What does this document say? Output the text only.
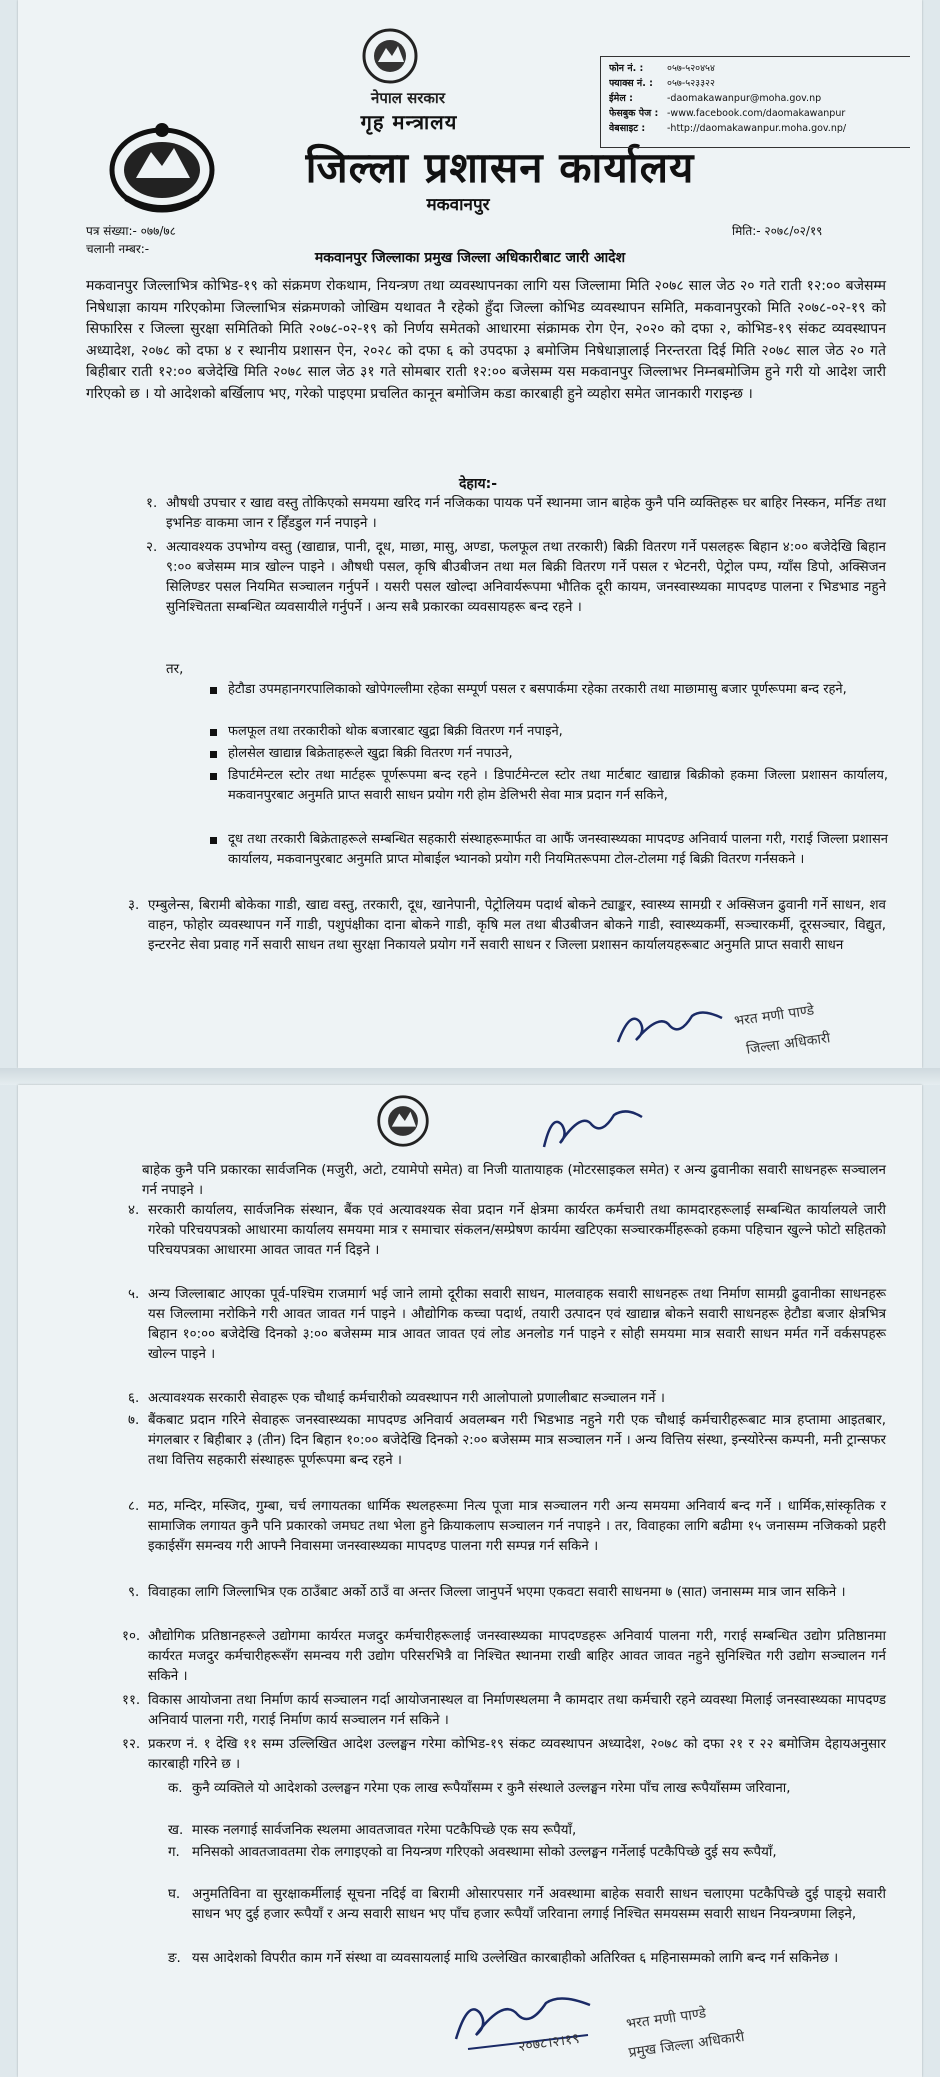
नेपाल सरकार
गृह मन्त्रालय
जिल्ला प्रशासन कार्यालय
मकवानपुर
फोन नं. : ०५७-५२०४५४
फ्याक्स नं. : ०५७-५२३३२२
ईमेल :	-daomakawanpur@moha.gov.np
फेसबुक पेज : -www.facebook.com/daomakawanpur
वेबसाइट : -http://daomakawanpur.moha.gov.np/
पत्र संख्या:- ०७७/७८
चलानी नम्बर:-
मिति:- २०७८/०२/१९
मकवानपुर जिल्लाका प्रमुख जिल्ला अधिकारीबाट जारी आदेश
मकवानपुर जिल्लाभित्र कोभिड-१९ को संक्रमण रोकथाम, नियन्त्रण तथा व्यवस्थापनका लागि यस जिल्लामा मिति २०७८ साल जेठ २० गते राती १२:०० बजेसम्म निषेधाज्ञा कायम गरिएकोमा जिल्लाभित्र संक्रमणको जोखिम यथावत नै रहेको हुँदा जिल्ला कोभिड व्यवस्थापन समिति, मकवानपुरको मिति २०७८-०२-१९ को सिफारिस र जिल्ला सुरक्षा समितिको मिति २०७८-०२-१९ को निर्णय समेतको आधारमा संक्रामक रोग ऐन, २०२० को दफा २, कोभिड-१९ संकट व्यवस्थापन अध्यादेश, २०७८ को दफा ४ र स्थानीय प्रशासन ऐन, २०२८ को दफा ६ को उपदफा ३ बमोजिम निषेधाज्ञालाई निरन्तरता दिई मिति २०७८ साल जेठ २० गते बिहीबार राती १२:०० बजेदेखि मिति २०७८ साल जेठ ३१ गते सोमबार राती १२:०० बजेसम्म यस मकवानपुर जिल्लाभर निम्नबमोजिम हुने गरी यो आदेश जारी गरिएको छ । यो आदेशको बर्खिलाप भए, गरेको पाइएमा प्रचलित कानून बमोजिम कडा कारबाही हुने व्यहोरा समेत जानकारी गराइन्छ ।
देहाय:-
१. औषधी उपचार र खाद्य वस्तु तोकिएको समयमा खरिद गर्न नजिकका पायक पर्ने स्थानमा जान बाहेक कुनै पनि व्यक्तिहरू घर बाहिर निस्कन, मर्निङ तथा इभनिङ वाकमा जान र हिँडडुल गर्न नपाइने ।
२. अत्यावश्यक उपभोग्य वस्तु (खाद्यान्न, पानी, दूध, माछा, मासु, अण्डा, फलफूल तथा तरकारी) बिक्री वितरण गर्ने पसलहरू बिहान ४:०० बजेदेखि बिहान ९:०० बजेसम्म मात्र खोल्न पाइने । औषधी पसल, कृषि बीउबीजन तथा मल बिक्री वितरण गर्ने पसल र भेटनरी, पेट्रोल पम्प, ग्याँस डिपो, अक्सिजन सिलिण्डर पसल नियमित सञ्चालन गर्नुपर्ने । यसरी पसल खोल्दा अनिवार्यरूपमा भौतिक दूरी कायम, जनस्वास्थ्यका मापदण्ड पालना र भिडभाड नहुने सुनिश्चितता सम्बन्धित व्यवसायीले गर्नुपर्ने । अन्य सबै प्रकारका व्यवसायहरू बन्द रहने ।
तर,
हेटौडा उपमहानगरपालिकाको खोपेगल्लीमा रहेका सम्पूर्ण पसल र बसपार्कमा रहेका तरकारी तथा माछामासु बजार पूर्णरूपमा बन्द रहने,
फलफूल तथा तरकारीको थोक बजारबाट खुद्रा बिक्री वितरण गर्न नपाइने,
होलसेल खाद्यान्न बिक्रेताहरूले खुद्रा बिक्री वितरण गर्न नपाउने,
डिपार्टमेन्टल स्टोर तथा मार्टहरू पूर्णरूपमा बन्द रहने । डिपार्टमेन्टल स्टोर तथा मार्टबाट खाद्यान्न बिक्रीको हकमा जिल्ला प्रशासन कार्यालय, मकवानपुरबाट अनुमति प्राप्त सवारी साधन प्रयोग गरी होम डेलिभरी सेवा मात्र प्रदान गर्न सकिने,
दूध तथा तरकारी बिक्रेताहरूले सम्बन्धित सहकारी संस्थाहरूमार्फत वा आफैं जनस्वास्थ्यका मापदण्ड अनिवार्य पालना गरी, गराई जिल्ला प्रशासन कार्यालय, मकवानपुरबाट अनुमति प्राप्त मोबाईल भ्यानको प्रयोग गरी नियमितरूपमा टोल-टोलमा गई बिक्री वितरण गर्नसकने ।
३. एम्बुलेन्स, बिरामी बोकेका गाडी, खाद्य वस्तु, तरकारी, दूध, खानेपानी, पेट्रोलियम पदार्थ बोकने ट्याङ्कर, स्वास्थ्य सामग्री र अक्सिजन ढुवानी गर्ने साधन, शव वाहन, फोहोर व्यवस्थापन गर्ने गाडी, पशुपंक्षीका दाना बोकने गाडी, कृषि मल तथा बीउबीजन बोकने गाडी, स्वास्थ्यकर्मी, सञ्चारकर्मी, दूरसञ्चार, विद्युत, इन्टरनेट सेवा प्रवाह गर्ने सवारी साधन तथा सुरक्षा निकायले प्रयोग गर्ने सवारी साधन र जिल्ला प्रशासन कार्यालयहरूबाट अनुमति प्राप्त सवारी साधन
भरत मणी पाण्डे
जिल्ला अधिकारी
बाहेक कुनै पनि प्रकारका सार्वजनिक (मजुरी, अटो, टयामेपो समेत) वा निजी यातायाहक (मोटरसाइकल समेत) र अन्य ढुवानीका सवारी साधनहरू सञ्चालन गर्न नपाइने ।
४. सरकारी कार्यालय, सार्वजनिक संस्थान, बैंक एवं अत्यावश्यक सेवा प्रदान गर्ने क्षेत्रमा कार्यरत कर्मचारी तथा कामदारहरूलाई सम्बन्धित कार्यालयले जारी गरेको परिचयपत्रको आधारमा कार्यालय समयमा मात्र र समाचार संकलन/सम्प्रेषण कार्यमा खटिएका सञ्चारकर्मीहरूको हकमा पहिचान खुल्ने फोटो सहितको परिचयपत्रका आधारमा आवत जावत गर्न दिइने ।
५. अन्य जिल्लाबाट आएका पूर्व-पश्चिम राजमार्ग भई जाने लामो दूरीका सवारी साधन, मालवाहक सवारी साधनहरू तथा निर्माण सामग्री ढुवानीका साधनहरू यस जिल्लामा नरोकिने गरी आवत जावत गर्न पाइने । औद्योगिक कच्चा पदार्थ, तयारी उत्पादन एवं खाद्यान्न बोकने सवारी साधनहरू हेटौडा बजार क्षेत्रभित्र बिहान १०:०० बजेदेखि दिनको ३:०० बजेसम्म मात्र आवत जावत एवं लोड अनलोड गर्न पाइने र सोही समयमा मात्र सवारी साधन मर्मत गर्ने वर्कसपहरू खोल्न पाइने ।
६. अत्यावश्यक सरकारी सेवाहरू एक चौथाई कर्मचारीको व्यवस्थापन गरी आलोपालो प्रणालीबाट सञ्चालन गर्ने ।
७. बैंकबाट प्रदान गरिने सेवाहरू जनस्वास्थ्यका मापदण्ड अनिवार्य अवलम्बन गरी भिडभाड नहुने गरी एक चौथाई कर्मचारीहरूबाट मात्र हप्तामा आइतबार, मंगलबार र बिहीबार ३ (तीन) दिन बिहान १०:०० बजेदेखि दिनको २:०० बजेसम्म मात्र सञ्चालन गर्ने । अन्य वित्तिय संस्था, इन्स्योरेन्स कम्पनी, मनी ट्रान्सफर तथा वित्तिय सहकारी संस्थाहरू पूर्णरूपमा बन्द रहने ।
८. मठ, मन्दिर, मस्जिद, गुम्बा, चर्च लगायतका धार्मिक स्थलहरूमा नित्य पूजा मात्र सञ्चालन गरी अन्य समयमा अनिवार्य बन्द गर्ने । धार्मिक,सांस्कृतिक र सामाजिक लगायत कुनै पनि प्रकारको जमघट तथा भेला हुने क्रियाकलाप सञ्चालन गर्न नपाइने । तर, विवाहका लागि बढीमा १५ जनासम्म नजिकको प्रहरी इकाईसँग समन्वय गरी आफ्नै निवासमा जनस्वास्थ्यका मापदण्ड पालना गरी सम्पन्न गर्न सकिने ।
९. विवाहका लागि जिल्लाभित्र एक ठाउँबाट अर्को ठाउँ वा अन्तर जिल्ला जानुपर्ने भएमा एकवटा सवारी साधनमा ७ (सात) जनासम्म मात्र जान सकिने ।
१०. औद्योगिक प्रतिष्ठानहरूले उद्योगमा कार्यरत मजदुर कर्मचारीहरूलाई जनस्वास्थ्यका मापदण्डहरू अनिवार्य पालना गरी, गराई सम्बन्धित उद्योग प्रतिष्ठानमा कार्यरत मजदुर कर्मचारीहरूसँग समन्वय गरी उद्योग परिसरभित्रै वा निश्चित स्थानमा राखी बाहिर आवत जावत नहुने सुनिश्चित गरी उद्योग सञ्चालन गर्न सकिने ।
११. विकास आयोजना तथा निर्माण कार्य सञ्चालन गर्दा आयोजनास्थल वा निर्माणस्थलमा नै कामदार तथा कर्मचारी रहने व्यवस्था मिलाई जनस्वास्थ्यका मापदण्ड अनिवार्य पालना गरी, गराई निर्माण कार्य सञ्चालन गर्न सकिने ।
१२. प्रकरण नं. १ देखि ११ सम्म उल्लिखित आदेश उल्लङ्घन गरेमा कोभिड-१९ संकट व्यवस्थापन अध्यादेश, २०७८ को दफा २१ र २२ बमोजिम देहायअनुसार कारबाही गरिने छ ।
क. कुनै व्यक्तिले यो आदेशको उल्लङ्घन गरेमा एक लाख रूपैयाँसम्म र कुनै संस्थाले उल्लङ्घन गरेमा पाँच लाख रूपैयाँसम्म जरिवाना,
ख. मास्क नलगाई सार्वजनिक स्थलमा आवतजावत गरेमा पटकैपिच्छे एक सय रूपैयाँ,
ग. मनिसको आवतजावतमा रोक लगाइएको वा नियन्त्रण गरिएको अवस्थामा सोको उल्लङ्घन गर्नेलाई पटकैपिच्छे दुई सय रूपैयाँ,
घ. अनुमतिविना वा सुरक्षाकर्मीलाई सूचना नदिई वा बिरामी ओसारपसार गर्ने अवस्थामा बाहेक सवारी साधन चलाएमा पटकैपिच्छे दुई पाङ्ग्रे सवारी साधन भए दुई हजार रूपैयाँ र अन्य सवारी साधन भए पाँच हजार रूपैयाँ जरिवाना लगाई निश्चित समयसम्म सवारी साधन नियन्त्रणमा लिइने,
ङ. यस आदेशको विपरीत काम गर्ने संस्था वा व्यवसायलाई माथि उल्लेखित कारबाहीको अतिरिक्त ६ महिनासम्मको लागि बन्द गर्न सकिनेछ ।
२०७८।२।१९
भरत मणी पाण्डे
प्रमुख जिल्ला अधिकारी
